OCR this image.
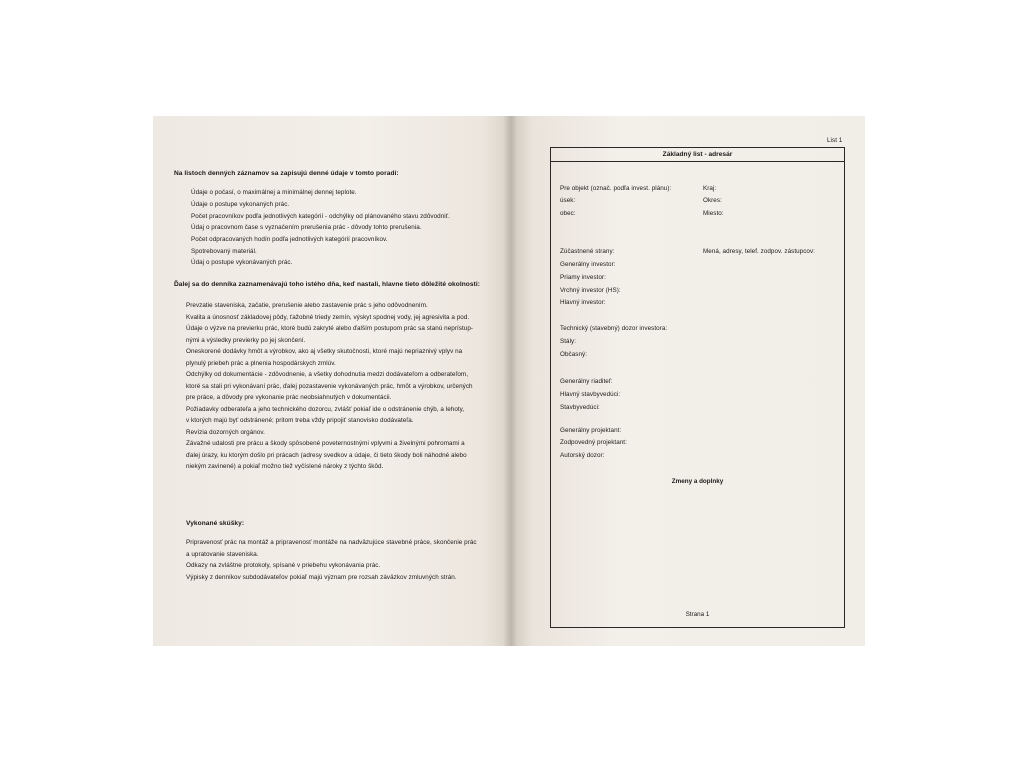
Na listoch denných záznamov sa zapisujú denné údaje v tomto poradí:
Údaje o počasí, o maximálnej a minimálnej dennej teplote.
Údaje o postupe vykonaných prác.
Počet pracovníkov podľa jednotlivých kategórií - odchýlky od plánovaného stavu zdôvodniť.
Údaj o pracovnom čase s vyznačením prerušenia prác - dôvody tohto prerušenia.
Počet odpracovaných hodín podľa jednotlivých kategórií pracovníkov.
Spotrebovaný materiál.
Údaj o postupe vykonávaných prác.
Ďalej sa do denníka zaznamenávajú toho istého dňa, keď nastali, hlavne tieto dôležité okolnosti:
Prevzatie staveniska, začatie, prerušenie alebo zastavenie prác s jeho odôvodnením.
Kvalita a únosnosť základovej pôdy, ťažobné triedy zemín, výskyt spodnej vody, jej agresivita a pod.
Údaje o výzve na previerku prác, ktoré budú zakryté alebo ďalším postupom prác sa stanú neprístup-
nými a výsledky previerky po jej skončení.
Oneskorené dodávky hmôt a výrobkov, ako aj všetky skutočnosti, ktoré majú nepriaznivý vplyv na
plynulý priebeh prác a plnenia hospodárskych zmlúv.
Odchýlky od dokumentácie - zdôvodnenie, a všetky dohodnutia medzi dodávateľom a odberateľom,
ktoré sa stali pri vykonávaní prác, ďalej pozastavenie vykonávaných prác, hmôt a výrobkov, určených
pre práce, a dôvody pre vykonanie prác neobsiahnutých v dokumentácii.
Požiadavky odberateľa a jeho technického dozorcu, zvlášť pokiaľ ide o odstránenie chýb, a lehoty,
v ktorých majú byť odstránené; pritom treba vždy pripojiť stanovisko dodávateľa.
Revízia dozorných orgánov.
Závažné udalosti pre prácu a škody spôsobené poveternostnými vplyvmi a živelnými pohromami a
ďalej úrazy, ku ktorým došlo pri prácach (adresy svedkov a údaje, či tieto škody boli náhodné alebo
niekým zavinené) a pokiaľ možno tiež vyčíslené nároky z týchto škôd.
Vykonané skúšky:
Pripravenosť prác na montáž a pripravenosť montáže na nadväzujúce stavebné práce, skončenie prác
a upratovanie staveniska.
Odkazy na zvláštne protokoly, spísané v priebehu vykonávania prác.
Výpisky z denníkov subdodávateľov pokiaľ majú význam pre rozsah záväzkov zmluvných strán.
List 1
Základný list - adresár
Pre objekt (označ. podľa invest. plánu):
úsek:
obec:
Kraj:
Okres:
Miesto:
Zúčastnené strany:	Mená, adresy, telef. zodpov. zástupcov:
Generálny investor:
Priamy investor:
Vrchný investor (HS):
Hlavný investor:
Technický (stavebný) dozor investora:
Stály:
Občasný:
Generálny riaditeľ:
Hlavný stavbyvedúci:
Stavbyvedúci:
Generálny projektant:
Zodpovedný projektant:
Autorský dozor:
Zmeny a doplnky
Strana 1
